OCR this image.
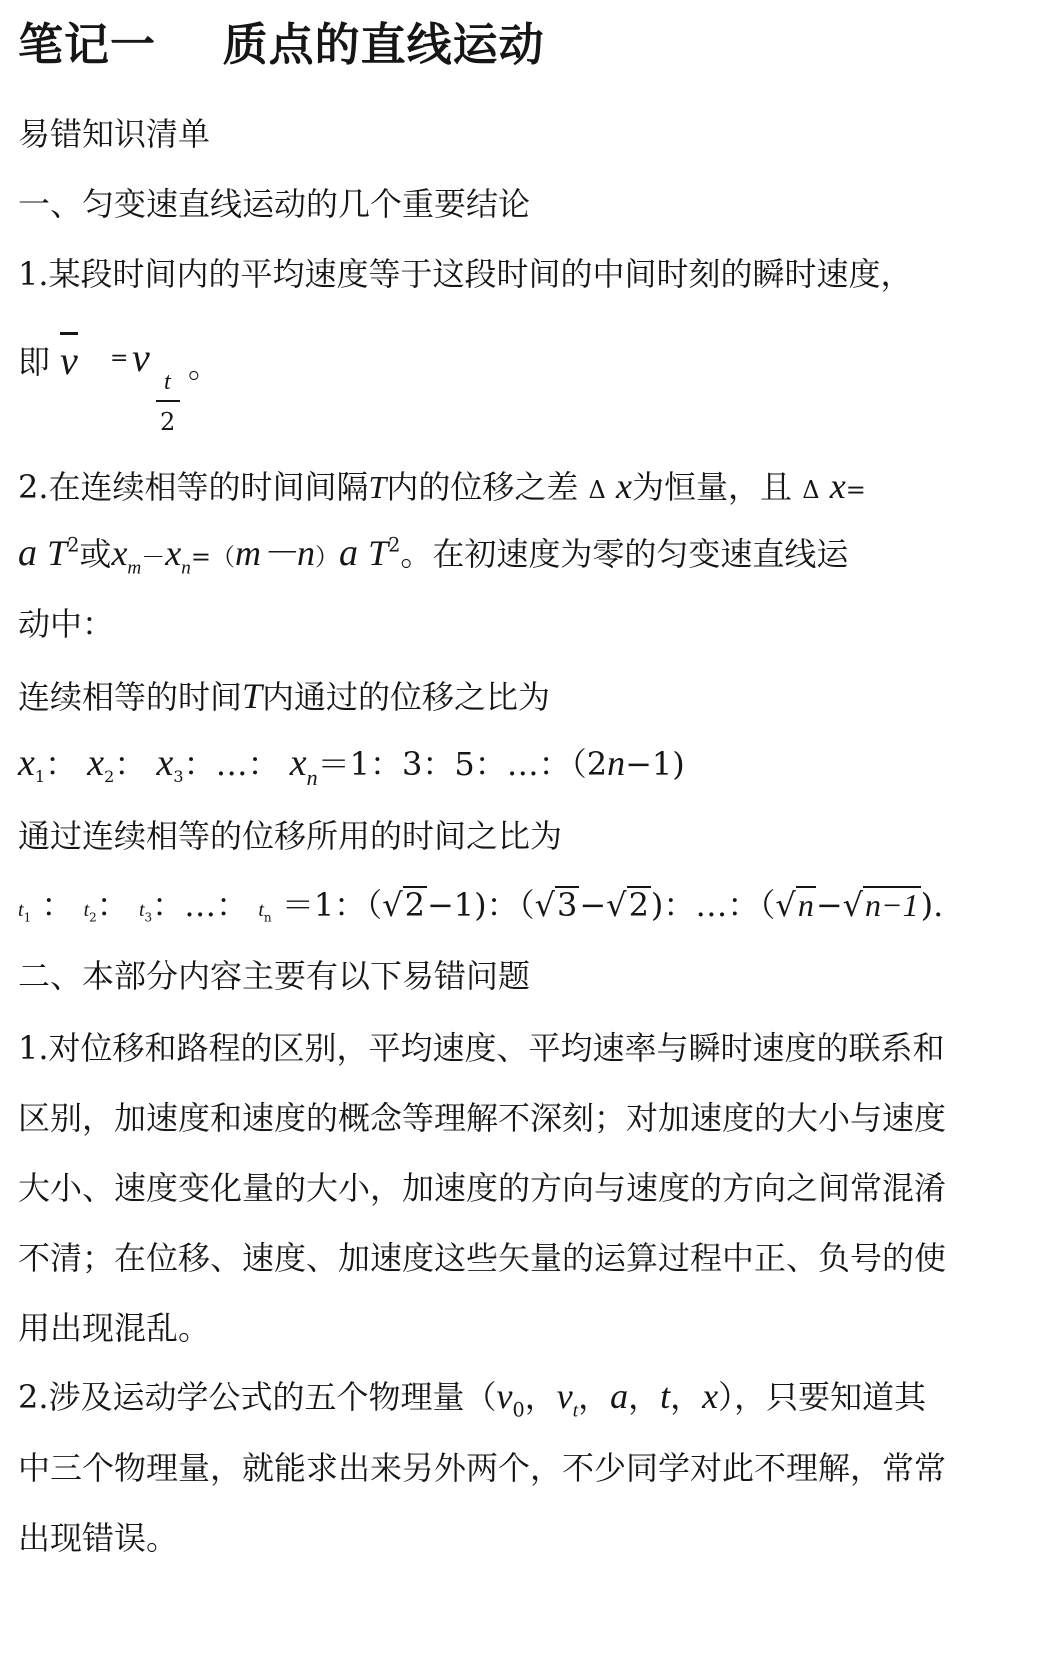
笔记一    质点的直线运动
易错知识清单
一、匀变速直线运动的几个重要结论
1.某段时间内的平均速度等于这段时间的中间时刻的瞬时速度，
即 v = v
t
2
。
2.在连续相等的时间间隔T内的位移之差 Δ x为恒量，且 Δ x=
a $T^2$或$x_m-x_n=(m-n)a$ $T^2$。在初速度为零的匀变速直线运
动中：
连续相等的时间T内通过的位移之比为
$x_1$： $x_2$： $x_3$：…： $x_n=1$：3：5：…：（2n−1)
通过连续相等的位移所用的时间之比为
$t_1$ ： $t_2$： $t_3$：…： $t_n =1$：（√2−1)：（√3−√2)：…：（√n−√n−1).
二、本部分内容主要有以下易错问题
1.对位移和路程的区别，平均速度、平均速率与瞬时速度的联系和
区别，加速度和速度的概念等理解不深刻；对加速度的大小与速度
大小、速度变化量的大小，加速度的方向与速度的方向之间常混淆
不清；在位移、速度、加速度这些矢量的运算过程中正、负号的使
用出现混乱。
2.涉及运动学公式的五个物理量（$v_0$，$v_t$，a，t，x），只要知道其
中三个物理量，就能求出来另外两个，不少同学对此不理解，常常
出现错误。
